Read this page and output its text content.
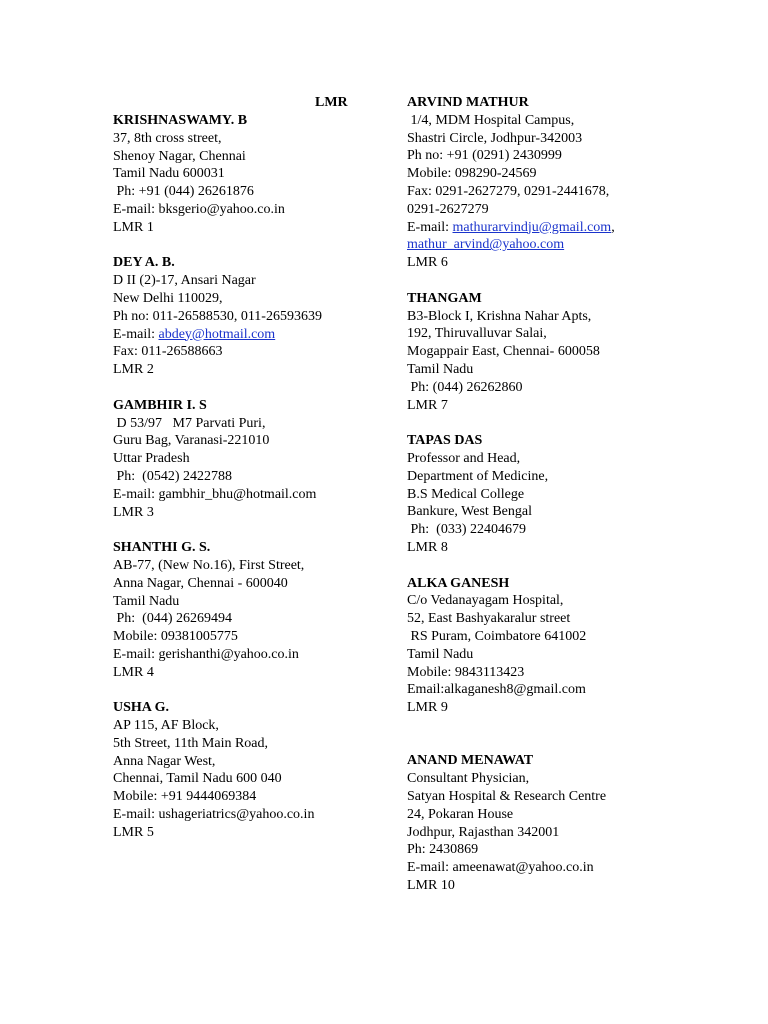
LMR
KRISHNASWAMY. B
37, 8th cross street,
Shenoy Nagar, Chennai
Tamil Nadu 600031
Ph: +91 (044) 26261876
E-mail: bksgerio@yahoo.co.in
LMR 1
DEY A. B.
D II (2)-17, Ansari Nagar
New Delhi 110029,
Ph no: 011-26588530, 011-26593639
E-mail: abdey@hotmail.com
Fax: 011-26588663
LMR 2
GAMBHIR I. S
D 53/97   M7 Parvati Puri,
Guru Bag, Varanasi-221010
Uttar Pradesh
Ph:  (0542) 2422788
E-mail: gambhir_bhu@hotmail.com
LMR 3
SHANTHI G. S.
AB-77, (New No.16), First Street,
Anna Nagar, Chennai - 600040
Tamil Nadu
Ph:  (044) 26269494
Mobile: 09381005775
E-mail: gerishanthi@yahoo.co.in
LMR 4
USHA G.
AP 115, AF Block,
5th Street, 11th Main Road,
Anna Nagar West,
Chennai, Tamil Nadu 600 040
Mobile: +91 9444069384
E-mail: ushageriatrics@yahoo.co.in
LMR 5
ARVIND MATHUR
1/4, MDM Hospital Campus,
Shastri Circle, Jodhpur-342003
Ph no: +91 (0291) 2430999
Mobile: 098290-24569
Fax: 0291-2627279, 0291-2441678,
0291-2627279
E-mail: mathurarvindju@gmail.com,
mathur_arvind@yahoo.com
LMR 6
THANGAM
B3-Block I, Krishna Nahar Apts,
192, Thiruvalluvar Salai,
Mogappair East, Chennai- 600058
Tamil Nadu
Ph: (044) 26262860
LMR 7
TAPAS DAS
Professor and Head,
Department of Medicine,
B.S Medical College
Bankure, West Bengal
Ph:  (033) 22404679
LMR 8
ALKA GANESH
C/o Vedanayagam Hospital,
52, East Bashyakaralur street
RS Puram, Coimbatore 641002
Tamil Nadu
Mobile: 9843113423
Email:alkaganesh8@gmail.com
LMR 9
ANAND MENAWAT
Consultant Physician,
Satyan Hospital & Research Centre
24, Pokaran House
Jodhpur, Rajasthan 342001
Ph: 2430869
E-mail: ameenawat@yahoo.co.in
LMR 10
